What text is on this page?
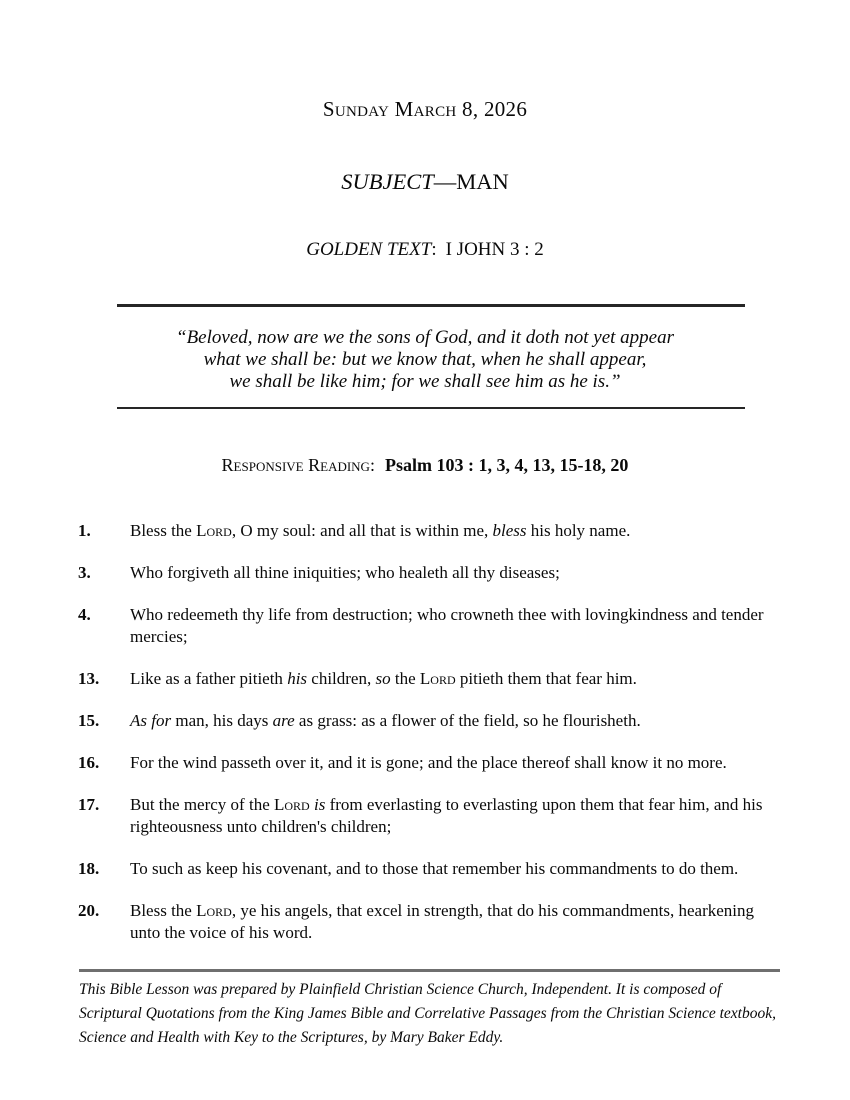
Sunday March 8, 2026
SUBJECT—MAN
GOLDEN TEXT: I JOHN 3 : 2
“Beloved, now are we the sons of God, and it doth not yet appear
what we shall be: but we know that, when he shall appear,
we shall be like him; for we shall see him as he is.”
Responsive Reading: Psalm 103 : 1, 3, 4, 13, 15-18, 20
1.	Bless the Lord, O my soul: and all that is within me, bless his holy name.
3.	Who forgiveth all thine iniquities; who healeth all thy diseases;
4.	Who redeemeth thy life from destruction; who crowneth thee with lovingkindness and tender mercies;
13.	Like as a father pitieth his children, so the Lord pitieth them that fear him.
15.	As for man, his days are as grass: as a flower of the field, so he flourisheth.
16.	For the wind passeth over it, and it is gone; and the place thereof shall know it no more.
17.	But the mercy of the Lord is from everlasting to everlasting upon them that fear him, and his righteousness unto children's children;
18.	To such as keep his covenant, and to those that remember his commandments to do them.
20.	Bless the Lord, ye his angels, that excel in strength, that do his commandments, hearkening unto the voice of his word.
This Bible Lesson was prepared by Plainfield Christian Science Church, Independent. It is composed of
Scriptural Quotations from the King James Bible and Correlative Passages from the Christian Science textbook,
Science and Health with Key to the Scriptures, by Mary Baker Eddy.
